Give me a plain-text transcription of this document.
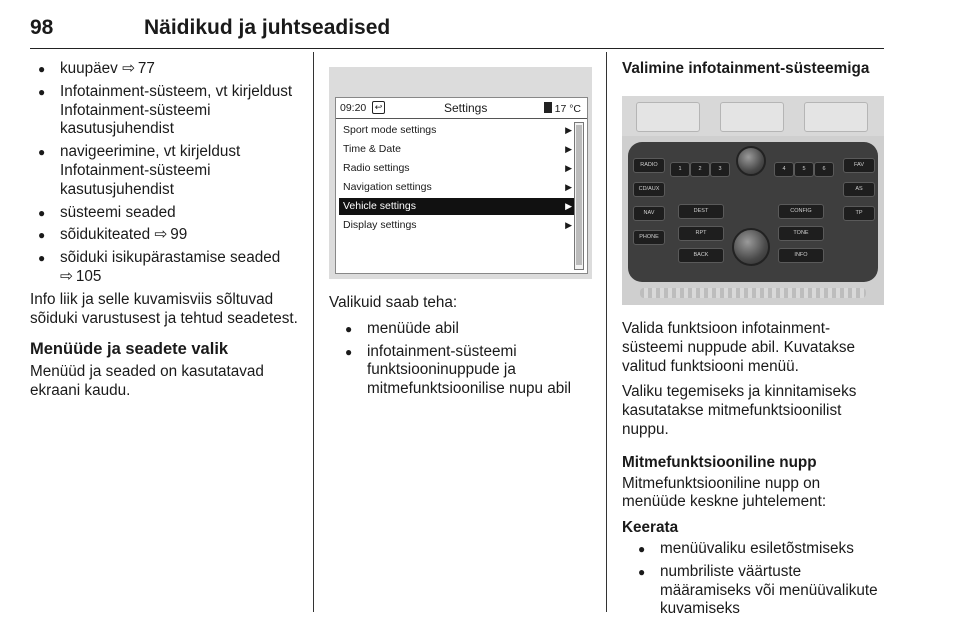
98	Näidikud ja juhtseadised
● kuupäev ⇨ 77
● Infotainment-süsteem, vt kirjeldust Infotainment-süsteemi kasutusjuhendist
● navigeerimine, vt kirjeldust Infotainment-süsteemi kasutusjuhendist
● süsteemi seaded
● sõidukiteated ⇨ 99
● sõiduki isikupärastamise seaded
⇨ 105

Info liik ja selle kuvamisviis sõltuvad sõiduki varustusest ja tehtud seadetest.

Menüüde ja seadete valik

Menüüd ja seaded on kasutatavad ekraani kaudu.

09:20 ↩	Settings	17 °C
Sport mode settings	▶
Time & Date	▶
Radio settings	▶
Navigation settings	▶
Vehicle settings	▶
Display settings	▶

Valikuid saab teha:

● menüüde abil
● infotainment-süsteemi funktsiooninuppude ja mitmefunktsioonilise nupu abil
Valimine infotainment-süsteemiga
RADIO
CD/AUX
NAV
PHONE
FAV
AS
TP
1	2	3	4	5	6
DEST
RPT
BACK
CONFIG
TONE
INFO

Valida funktsioon infotainment-süsteemi nuppude abil. Kuvatakse valitud funktsiooni menüü.

Valiku tegemiseks ja kinnitamiseks kasutatakse mitmefunktsioonilist nuppu.

Mitmefunktsiooniline nupp

Mitmefunktsiooniline nupp on menüüde keskne juhtelement:

Keerata
● menüüvaliku esiletõstmiseks
● numbriliste väärtuste määramiseks või menüüvalikute kuvamiseks
